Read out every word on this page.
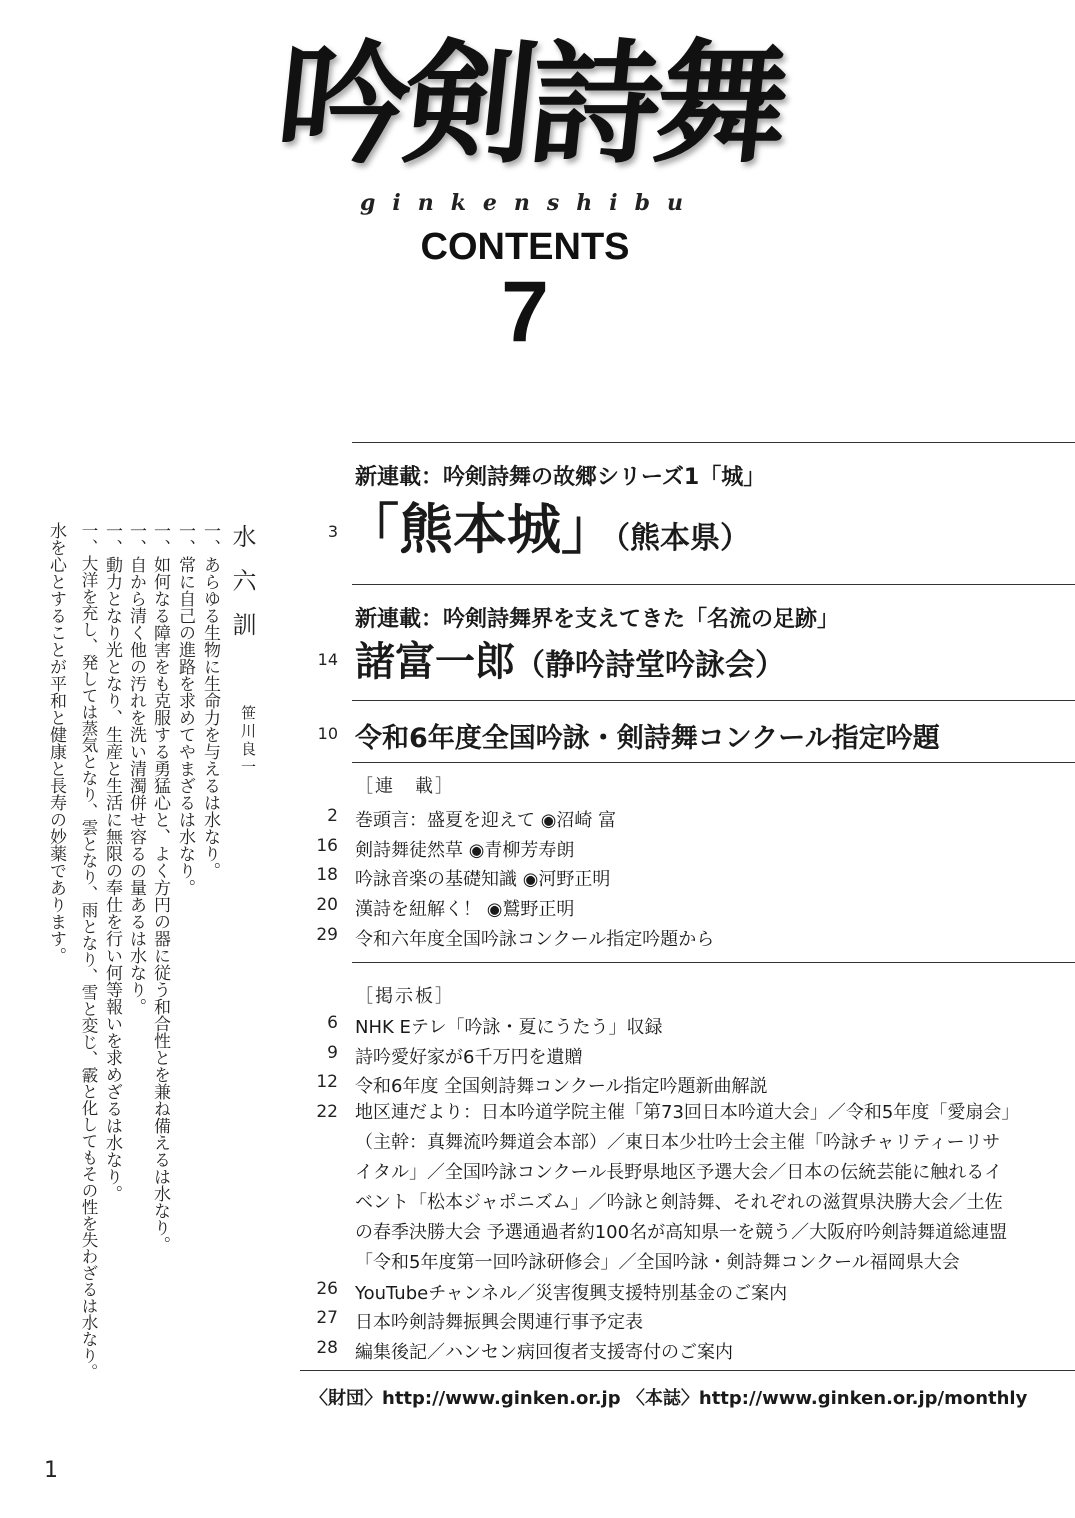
吟剣詩舞
ginkenshibu
CONTENTS
7
水六訓
笹川良一
一、あらゆる生物に生命力を与えるは水なり。
一、常に自己の進路を求めてやまざるは水なり。
一、如何なる障害をも克服する勇猛心と、よく方円の器に従う和合性とを兼ね備えるは水なり。
一、自から清く他の汚れを洗い清濁併せ容るの量あるは水なり。
一、動力となり光となり、生産と生活に無限の奉仕を行い何等報いを求めざるは水なり。
一、大洋を充し、発しては蒸気となり、雲となり、雨となり、雪と変じ、霰と化してもその性を失わざるは水なり。
水を心とすることが平和と健康と長寿の妙薬であります。
新連載：吟剣詩舞の故郷シリーズ1「城」
3 「熊本城」（熊本県）
新連載：吟剣詩舞界を支えてきた「名流の足跡」
14 諸富一郎（静吟詩堂吟詠会）
10 令和6年度全国吟詠・剣詩舞コンクール指定吟題
［連　載］
2 巻頭言：盛夏を迎えて ◉沼崎 富
16 剣詩舞徒然草 ◉青柳芳寿朗
18 吟詠音楽の基礎知識 ◉河野正明
20 漢詩を紐解く！ ◉鷲野正明
29 令和六年度全国吟詠コンクール指定吟題から
［掲示板］
6 NHK Eテレ「吟詠・夏にうたう」収録
9 詩吟愛好家が6千万円を遺贈
12 令和6年度 全国剣詩舞コンクール指定吟題新曲解説
22 地区連だより：日本吟道学院主催「第73回日本吟道大会」／令和5年度「愛扇会」（主幹：真舞流吟舞道会本部）／東日本少壮吟士会主催「吟詠チャリティーリサイタル」／全国吟詠コンクール長野県地区予選大会／日本の伝統芸能に触れるイベント「松本ジャポニズム」／吟詠と剣詩舞、それぞれの滋賀県決勝大会／土佐の春季決勝大会 予選通過者約100名が高知県一を競う／大阪府吟剣詩舞道総連盟「令和5年度第一回吟詠研修会」／全国吟詠・剣詩舞コンクール福岡県大会
26 YouTubeチャンネル／災害復興支援特別基金のご案内
27 日本吟剣詩舞振興会関連行事予定表
28 編集後記／ハンセン病回復者支援寄付のご案内
〈財団〉http://www.ginken.or.jp 〈本誌〉http://www.ginken.or.jp/monthly
1
